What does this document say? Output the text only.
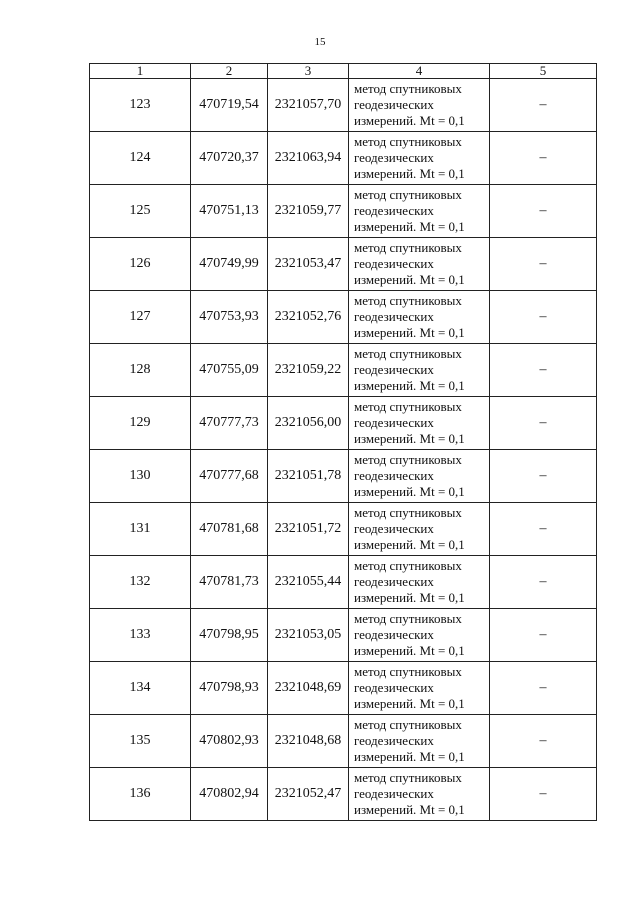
15
1	2	3	4	5
123	470719,54	2321057,70	метод спутниковых
геодезических
измерений. Mt = 0,1	–
124	470720,37	2321063,94	метод спутниковых
геодезических
измерений. Mt = 0,1	–
125	470751,13	2321059,77	метод спутниковых
геодезических
измерений. Mt = 0,1	–
126	470749,99	2321053,47	метод спутниковых
геодезических
измерений. Mt = 0,1	–
127	470753,93	2321052,76	метод спутниковых
геодезических
измерений. Mt = 0,1	–
128	470755,09	2321059,22	метод спутниковых
геодезических
измерений. Mt = 0,1	–
129	470777,73	2321056,00	метод спутниковых
геодезических
измерений. Mt = 0,1	–
130	470777,68	2321051,78	метод спутниковых
геодезических
измерений. Mt = 0,1	–
131	470781,68	2321051,72	метод спутниковых
геодезических
измерений. Mt = 0,1	–
132	470781,73	2321055,44	метод спутниковых
геодезических
измерений. Mt = 0,1	–
133	470798,95	2321053,05	метод спутниковых
геодезических
измерений. Mt = 0,1	–
134	470798,93	2321048,69	метод спутниковых
геодезических
измерений. Mt = 0,1	–
135	470802,93	2321048,68	метод спутниковых
геодезических
измерений. Mt = 0,1	–
136	470802,94	2321052,47	метод спутниковых
геодезических
измерений. Mt = 0,1	–
